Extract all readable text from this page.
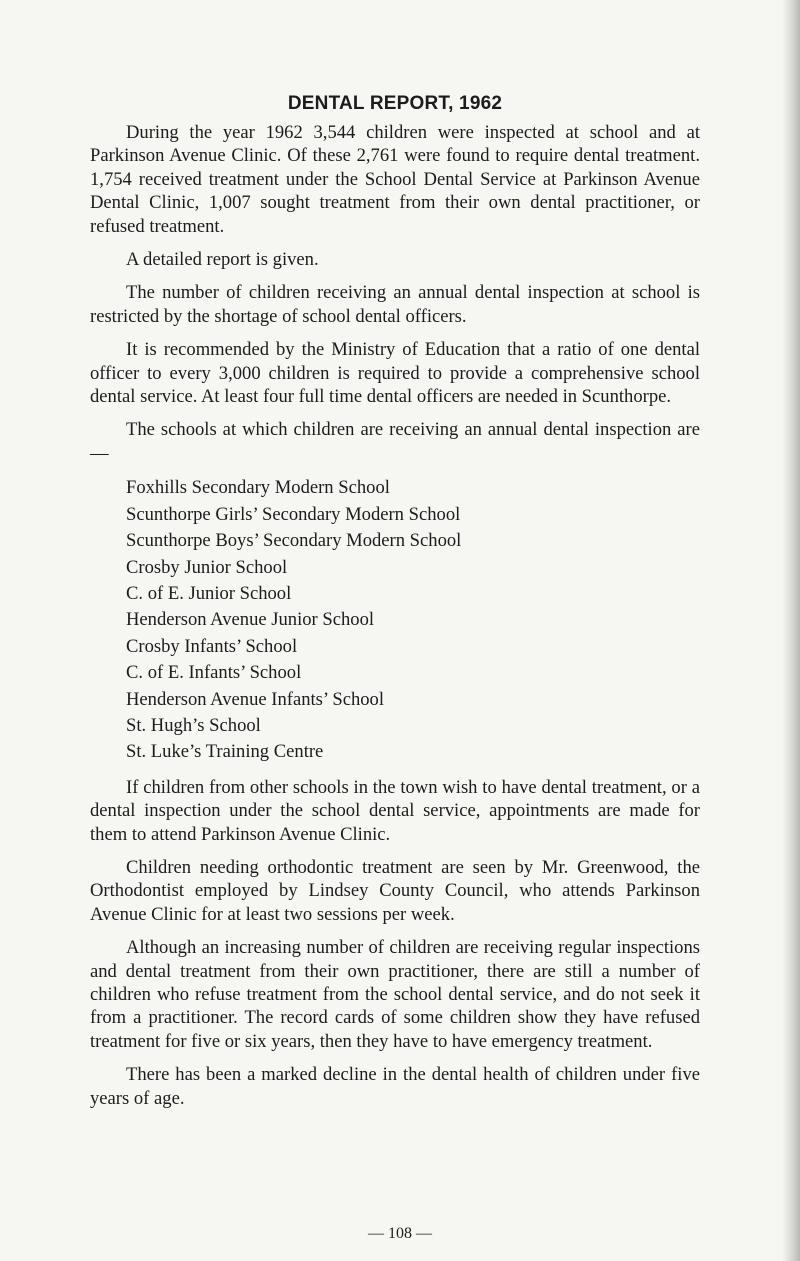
DENTAL REPORT, 1962

During the year 1962 3,544 children were inspected at school and at Parkinson Avenue Clinic. Of these 2,761 were found to require dental treatment. 1,754 received treatment under the School Dental Service at Parkinson Avenue Dental Clinic, 1,007 sought treatment from their own dental practitioner, or refused treatment.

A detailed report is given.

The number of children receiving an annual dental inspection at school is restricted by the shortage of school dental officers.

It is recommended by the Ministry of Education that a ratio of one dental officer to every 3,000 children is required to provide a comprehensive school dental service. At least four full time dental officers are needed in Scunthorpe.

The schools at which children are receiving an annual dental inspection are—

Foxhills Secondary Modern School
Scunthorpe Girls’ Secondary Modern School
Scunthorpe Boys’ Secondary Modern School
Crosby Junior School
C. of E. Junior School
Henderson Avenue Junior School
Crosby Infants’ School
C. of E. Infants’ School
Henderson Avenue Infants’ School
St. Hugh’s School
St. Luke’s Training Centre

If children from other schools in the town wish to have dental treatment, or a dental inspection under the school dental service, appointments are made for them to attend Parkinson Avenue Clinic.

Children needing orthodontic treatment are seen by Mr. Greenwood, the Orthodontist employed by Lindsey County Council, who attends Parkinson Avenue Clinic for at least two sessions per week.

Although an increasing number of children are receiving regular inspections and dental treatment from their own practitioner, there are still a number of children who refuse treatment from the school dental service, and do not seek it from a practitioner. The record cards of some children show they have refused treatment for five or six years, then they have to have emergency treatment.

There has been a marked decline in the dental health of children under five years of age.

— 108 —
